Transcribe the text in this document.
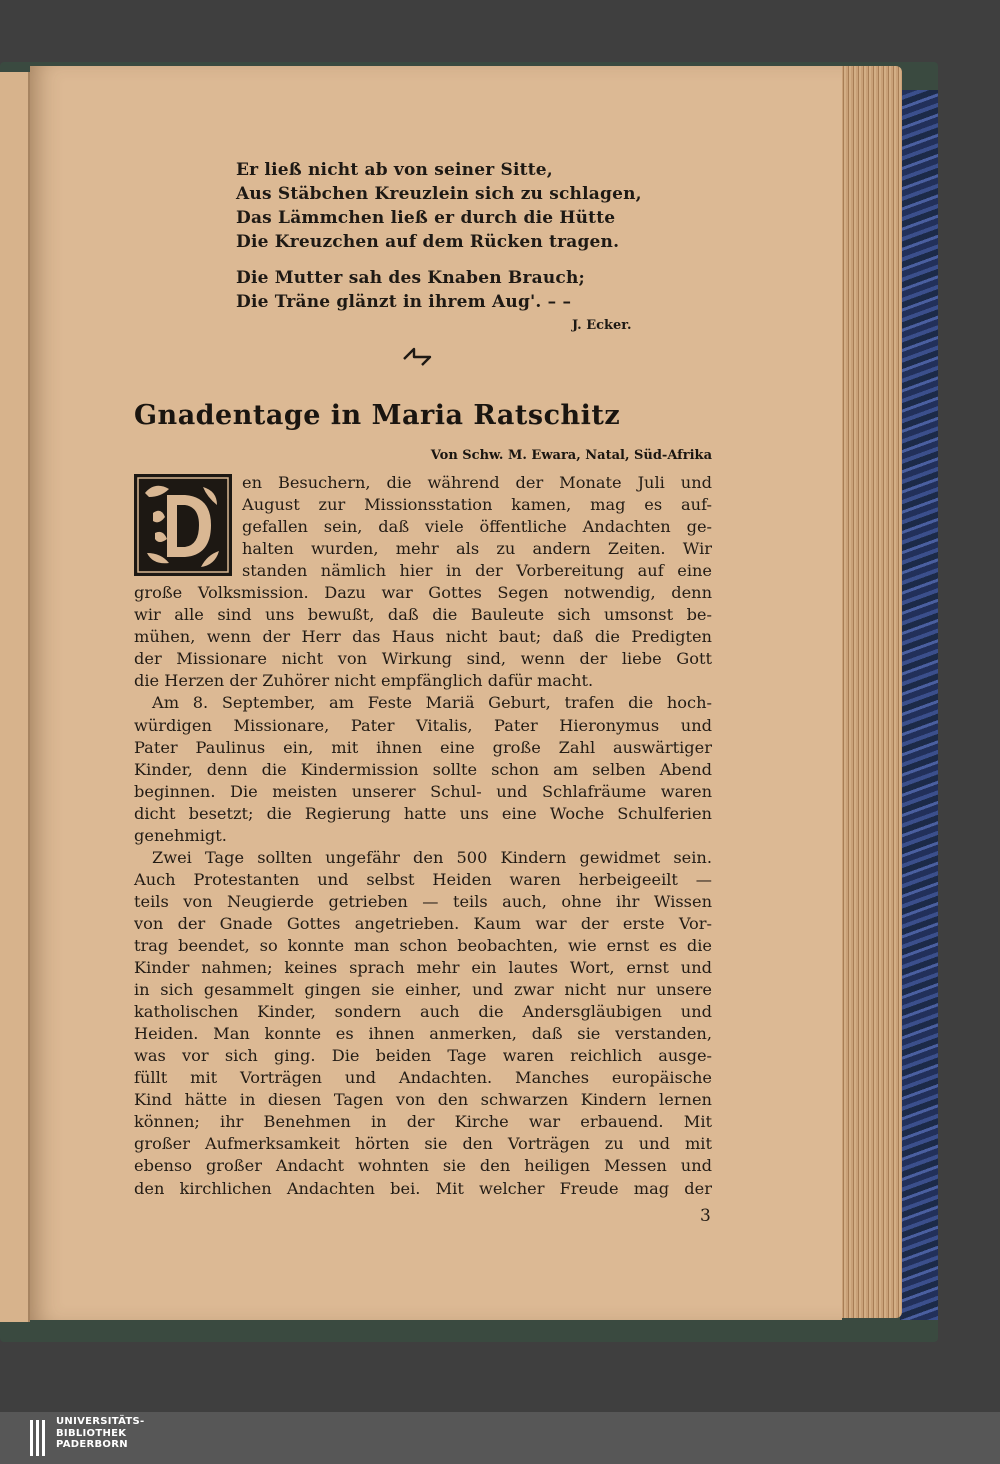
Er ließ nicht ab von seiner Sitte,
Aus Stäbchen Kreuzlein sich zu schlagen,
Das Lämmchen ließ er durch die Hütte
Die Kreuzchen auf dem Rücken tragen.
Die Mutter sah des Knaben Brauch;
Die Träne glänzt in ihrem Aug'. – –
J. Ecker.
Gnadentage in Maria Ratschitz
Von Schw. M. Ewara, Natal, Süd-Afrika
en Besuchern, die während der Monate Juli und
August zur Missionsstation kamen, mag es auf-
gefallen sein, daß viele öffentliche Andachten ge-
halten wurden, mehr als zu andern Zeiten. Wir
standen nämlich hier in der Vorbereitung auf eine
große Volksmission. Dazu war Gottes Segen notwendig, denn
wir alle sind uns bewußt, daß die Bauleute sich umsonst be-
mühen, wenn der Herr das Haus nicht baut; daß die Predigten
der Missionare nicht von Wirkung sind, wenn der liebe Gott
die Herzen der Zuhörer nicht empfänglich dafür macht.
Am 8. September, am Feste Mariä Geburt, trafen die hoch-
würdigen Missionare, Pater Vitalis, Pater Hieronymus und
Pater Paulinus ein, mit ihnen eine große Zahl auswärtiger
Kinder, denn die Kindermission sollte schon am selben Abend
beginnen. Die meisten unserer Schul- und Schlafräume waren
dicht besetzt; die Regierung hatte uns eine Woche Schulferien
genehmigt.
Zwei Tage sollten ungefähr den 500 Kindern gewidmet sein.
Auch Protestanten und selbst Heiden waren herbeigeeilt —
teils von Neugierde getrieben — teils auch, ohne ihr Wissen
von der Gnade Gottes angetrieben. Kaum war der erste Vor-
trag beendet, so konnte man schon beobachten, wie ernst es die
Kinder nahmen; keines sprach mehr ein lautes Wort, ernst und
in sich gesammelt gingen sie einher, und zwar nicht nur unsere
katholischen Kinder, sondern auch die Andersgläubigen und
Heiden. Man konnte es ihnen anmerken, daß sie verstanden,
was vor sich ging. Die beiden Tage waren reichlich ausge-
füllt mit Vorträgen und Andachten. Manches europäische
Kind hätte in diesen Tagen von den schwarzen Kindern lernen
können; ihr Benehmen in der Kirche war erbauend. Mit
großer Aufmerksamkeit hörten sie den Vorträgen zu und mit
ebenso großer Andacht wohnten sie den heiligen Messen und
den kirchlichen Andachten bei. Mit welcher Freude mag der
3
UNIVERSITÄTS-
BIBLIOTHEK
PADERBORN
